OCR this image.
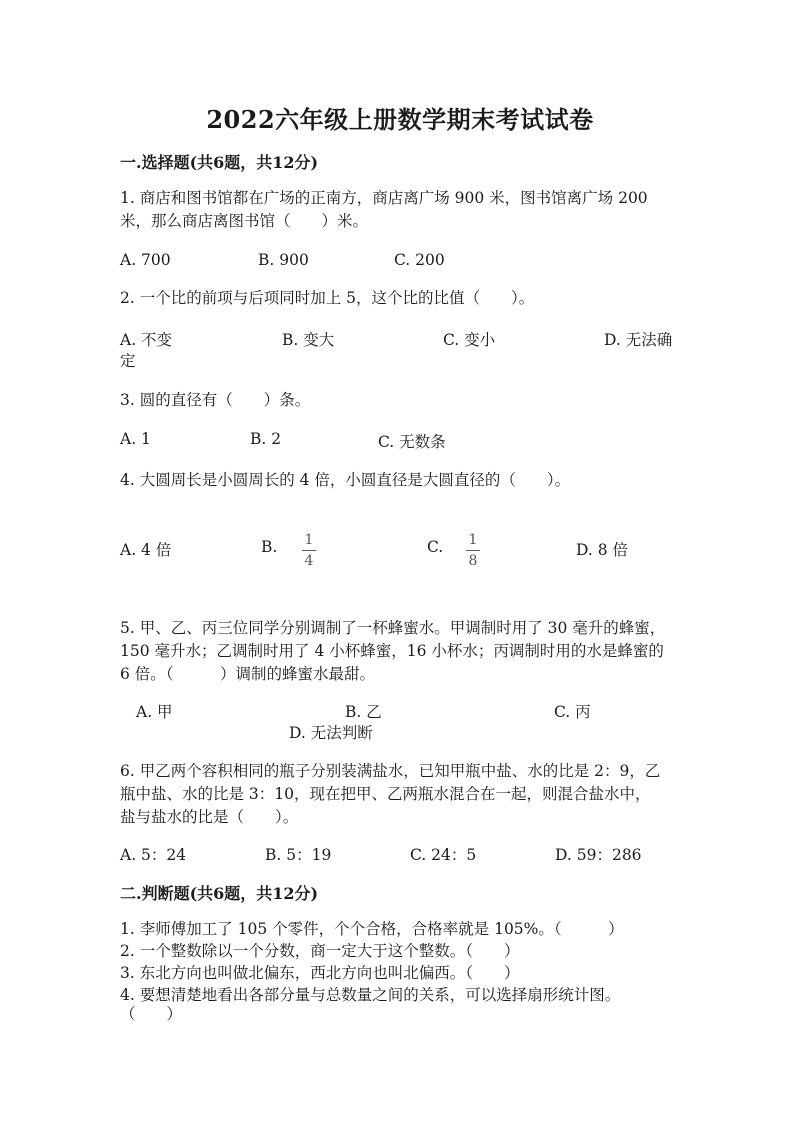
2022六年级上册数学期末考试试卷
一.选择题(共6题，共12分)
1. 商店和图书馆都在广场的正南方，商店离广场 900 米，图书馆离广场 200
米，那么商店离图书馆（　　）米。
A. 700	B. 900	C. 200
2. 一个比的前项与后项同时加上 5，这个比的比值（　　）。
A. 不变	B. 变大	C. 变小	D. 无法确
定
3. 圆的直径有（　　）条。
A. 1	B. 2	C. 无数条
4. 大圆周长是小圆周长的 4 倍，小圆直径是大圆直径的（　　）。
A. 4 倍	B. 1
4
C. 1
8
D. 8 倍
5. 甲、乙、丙三位同学分别调制了一杯蜂蜜水。甲调制时用了 30 毫升的蜂蜜，
150 毫升水；乙调制时用了 4 小杯蜂蜜，16 小杯水；丙调制时用的水是蜂蜜的
6 倍。（　　　）调制的蜂蜜水最甜。
A. 甲	B. 乙	C. 丙
D. 无法判断
6. 甲乙两个容积相同的瓶子分别装满盐水，已知甲瓶中盐、水的比是 2：9，乙
瓶中盐、水的比是 3：10，现在把甲、乙两瓶水混合在一起，则混合盐水中，
盐与盐水的比是（　　）。
A. 5：24	B. 5：19	C. 24：5	D. 59：286
二.判断题(共6题，共12分)
1. 李师傅加工了 105 个零件，个个合格，合格率就是 105%。（　　　）
2. 一个整数除以一个分数，商一定大于这个整数。（　　）
3. 东北方向也叫做北偏东，西北方向也叫北偏西。（　　）
4. 要想清楚地看出各部分量与总数量之间的关系，可以选择扇形统计图。
（　　）
